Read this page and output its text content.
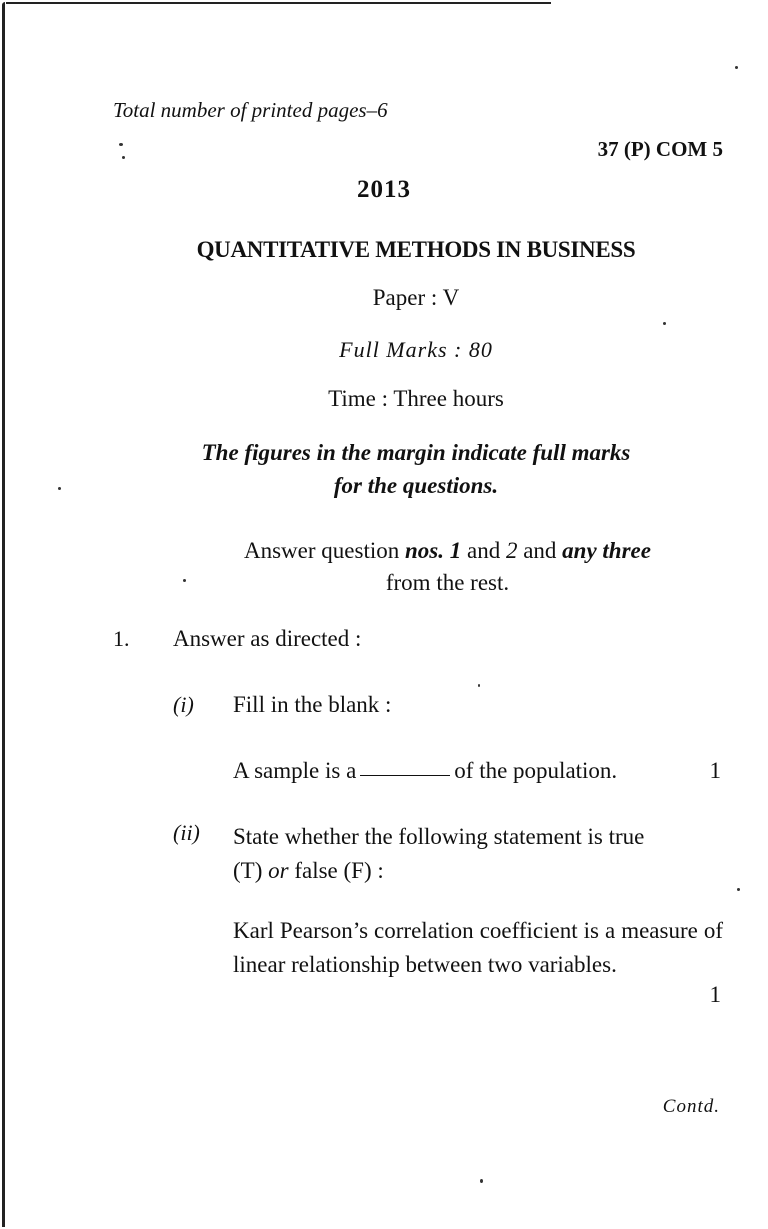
Total number of printed pages–6
37 (P) COM 5
2013
QUANTITATIVE METHODS IN BUSINESS
Paper : V
Full Marks : 80
Time : Three hours
The figures in the margin indicate full marks
for the questions.
Answer question nos. 1 and 2 and any three
from the rest.
1. Answer as directed :
(i) Fill in the blank :
A sample is a	of the population.	1
(ii) State whether the following statement is true
(T) or false (F) :
Karl Pearson’s correlation coefficient is a measure of linear relationship between two variables.
1
Contd.
